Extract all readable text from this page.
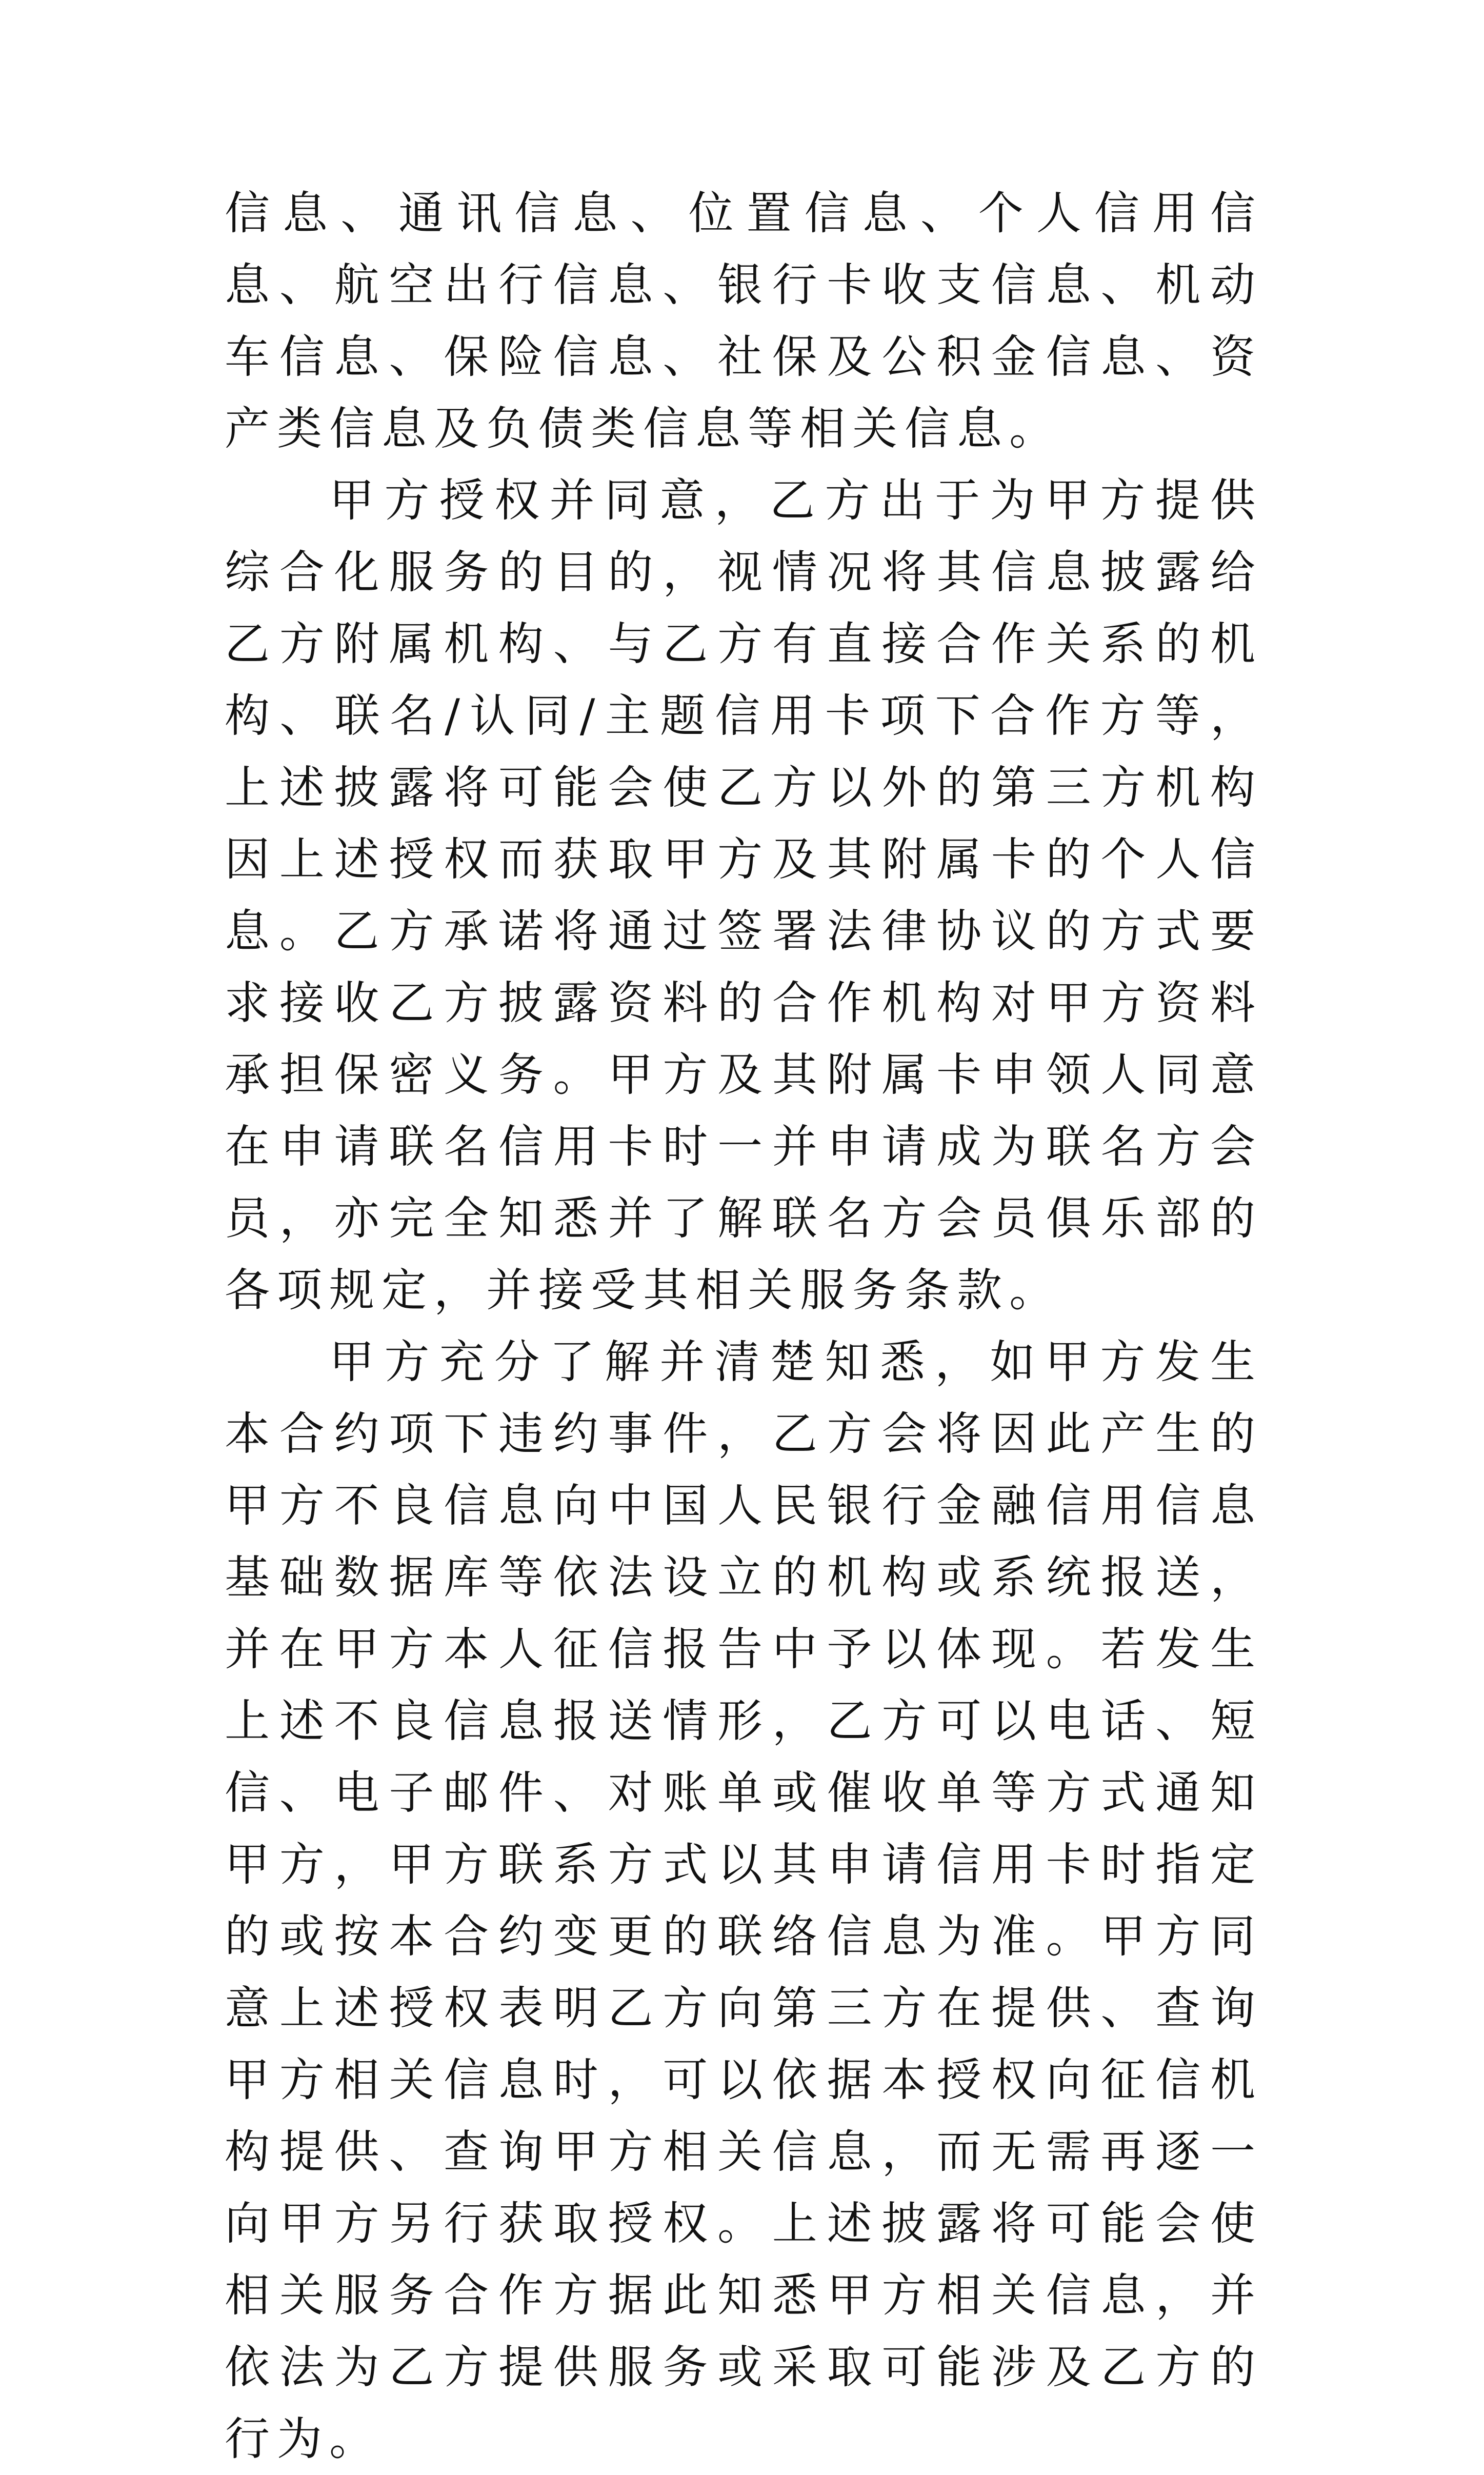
信息、通讯信息、位置信息、个人信用信息、航空出行信息、银行卡收支信息、机动车信息、保险信息、社保及公积金信息、资产类信息及负债类信息等相关信息。

甲方授权并同意，乙方出于为甲方提供综合化服务的目的，视情况将其信息披露给乙方附属机构、与乙方有直接合作关系的机构、联名/认同/主题信用卡项下合作方等，上述披露将可能会使乙方以外的第三方机构因上述授权而获取甲方及其附属卡的个人信息。乙方承诺将通过签署法律协议的方式要求接收乙方披露资料的合作机构对甲方资料承担保密义务。甲方及其附属卡申领人同意在申请联名信用卡时一并申请成为联名方会员，亦完全知悉并了解联名方会员俱乐部的各项规定，并接受其相关服务条款。

甲方充分了解并清楚知悉，如甲方发生本合约项下违约事件，乙方会将因此产生的甲方不良信息向中国人民银行金融信用信息基础数据库等依法设立的机构或系统报送，并在甲方本人征信报告中予以体现。若发生上述不良信息报送情形，乙方可以电话、短信、电子邮件、对账单或催收单等方式通知甲方，甲方联系方式以其申请信用卡时指定的或按本合约变更的联络信息为准。甲方同意上述授权表明乙方向第三方在提供、查询甲方相关信息时，可以依据本授权向征信机构提供、查询甲方相关信息，而无需再逐一向甲方另行获取授权。上述披露将可能会使相关服务合作方据此知悉甲方相关信息，并依法为乙方提供服务或采取可能涉及乙方的行为。
